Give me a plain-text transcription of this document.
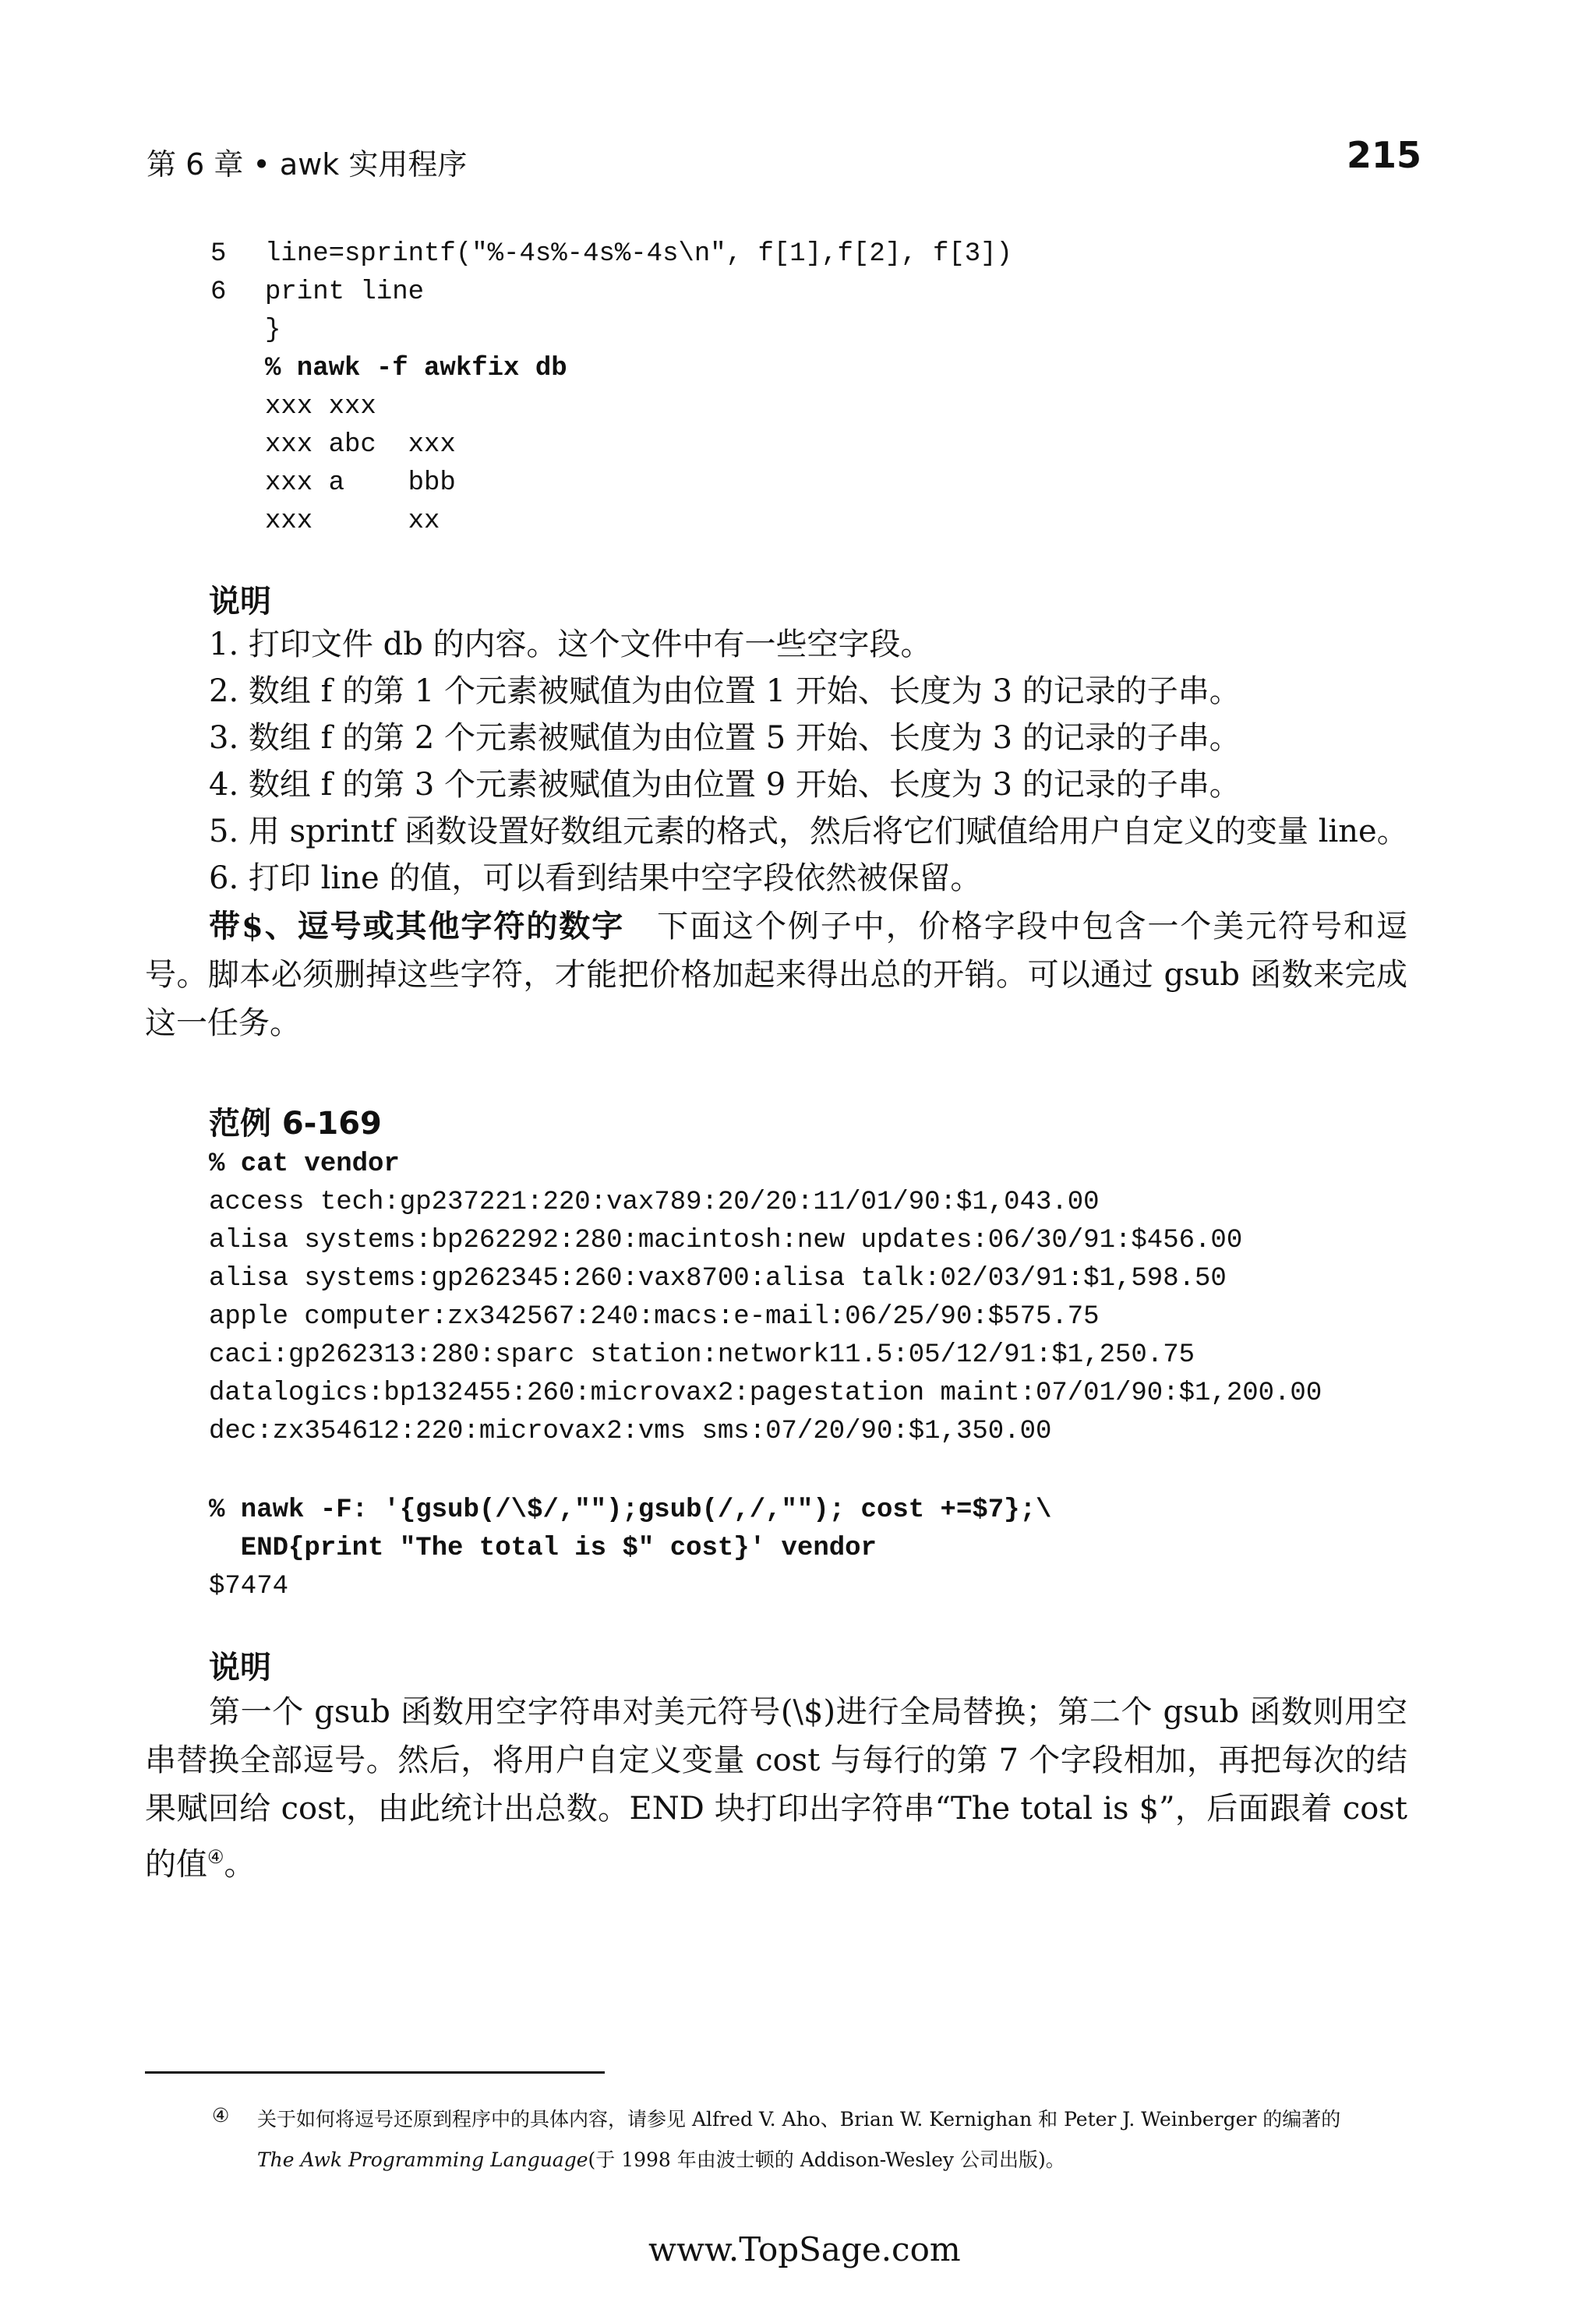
第 6 章 • awk 实用程序	215
5 line=sprintf("%-4s%-4s%-4s\n", f[1],f[2], f[3])
6 print line
}
% nawk -f awkfix db
xxx xxx
xxx abc  xxx
xxx a    bbb
xxx      xx
说明
1. 打印文件 db 的内容。这个文件中有一些空字段。
2. 数组 f 的第 1 个元素被赋值为由位置 1 开始、长度为 3 的记录的子串。
3. 数组 f 的第 2 个元素被赋值为由位置 5 开始、长度为 3 的记录的子串。
4. 数组 f 的第 3 个元素被赋值为由位置 9 开始、长度为 3 的记录的子串。
5. 用 sprintf 函数设置好数组元素的格式，然后将它们赋值给用户自定义的变量 line。
6. 打印 line 的值，可以看到结果中空字段依然被保留。
带$、逗号或其他字符的数字　 下面这个例子中，价格字段中包含一个美元符号和逗号。脚本必须删掉这些字符，才能把价格加起来得出总的开销。可以通过 gsub 函数来完成这一任务。
范例 6-169
% cat vendor
access tech:gp237221:220:vax789:20/20:11/01/90:$1,043.00
alisa systems:bp262292:280:macintosh:new updates:06/30/91:$456.00
alisa systems:gp262345:260:vax8700:alisa talk:02/03/91:$1,598.50
apple computer:zx342567:240:macs:e-mail:06/25/90:$575.75
caci:gp262313:280:sparc station:network11.5:05/12/91:$1,250.75
datalogics:bp132455:260:microvax2:pagestation maint:07/01/90:$1,200.00
dec:zx354612:220:microvax2:vms sms:07/20/90:$1,350.00
% nawk -F: '{gsub(/\$/,"");gsub(/,/,""); cost +=$7};\
END{print "The total is $" cost}' vendor
$7474
说明
第一个 gsub 函数用空字符串对美元符号(\$)进行全局替换；第二个 gsub 函数则用空串替换全部逗号。然后，将用户自定义变量 cost 与每行的第 7 个字段相加，再把每次的结果赋回给 cost，由此统计出总数。END 块打印出字符串“The total is $”，后面跟着 cost 的值④。
④ 关于如何将逗号还原到程序中的具体内容，请参见 Alfred V. Aho、Brian W. Kernighan 和 Peter J. Weinberger 的编著的
The Awk Programming Language(于 1998 年由波士顿的 Addison-Wesley 公司出版)。
www.TopSage.com
